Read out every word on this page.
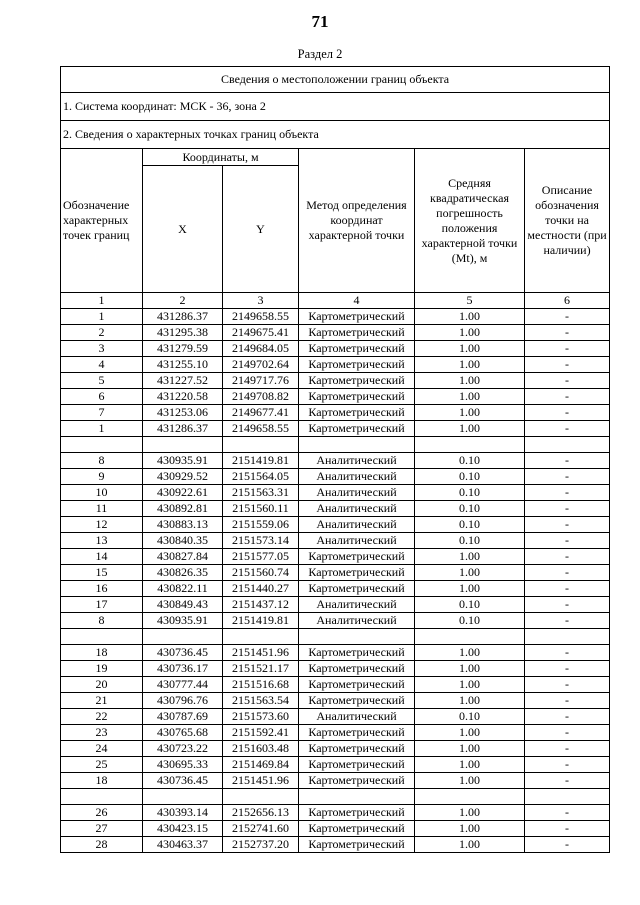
71
Раздел 2
Сведения о местоположении границ объекта					
1. Система координат: МСК - 36, зона 2					
2. Сведения о характерных точках границ объекта					
Обозначение характерных точек границ	Координаты, м		Метод определения координат характерной точки	Средняя квадратическая погрешность положения характерной точки (Mt), м	Описание обозначения точки на местности (при наличии)
	X	Y			
1	2	3	4	5	6
1	431286.37	2149658.55	Картометрический	1.00	-
2	431295.38	2149675.41	Картометрический	1.00	-
3	431279.59	2149684.05	Картометрический	1.00	-
4	431255.10	2149702.64	Картометрический	1.00	-
5	431227.52	2149717.76	Картометрический	1.00	-
6	431220.58	2149708.82	Картометрический	1.00	-
7	431253.06	2149677.41	Картометрический	1.00	-
1	431286.37	2149658.55	Картометрический	1.00	-

8	430935.91	2151419.81	Аналитический	0.10	-
9	430929.52	2151564.05	Аналитический	0.10	-
10	430922.61	2151563.31	Аналитический	0.10	-
11	430892.81	2151560.11	Аналитический	0.10	-
12	430883.13	2151559.06	Аналитический	0.10	-
13	430840.35	2151573.14	Аналитический	0.10	-
14	430827.84	2151577.05	Картометрический	1.00	-
15	430826.35	2151560.74	Картометрический	1.00	-
16	430822.11	2151440.27	Картометрический	1.00	-
17	430849.43	2151437.12	Аналитический	0.10	-
8	430935.91	2151419.81	Аналитический	0.10	-

18	430736.45	2151451.96	Картометрический	1.00	-
19	430736.17	2151521.17	Картометрический	1.00	-
20	430777.44	2151516.68	Картометрический	1.00	-
21	430796.76	2151563.54	Картометрический	1.00	-
22	430787.69	2151573.60	Аналитический	0.10	-
23	430765.68	2151592.41	Картометрический	1.00	-
24	430723.22	2151603.48	Картометрический	1.00	-
25	430695.33	2151469.84	Картометрический	1.00	-
18	430736.45	2151451.96	Картометрический	1.00	-

26	430393.14	2152656.13	Картометрический	1.00	-
27	430423.15	2152741.60	Картометрический	1.00	-
28	430463.37	2152737.20	Картометрический	1.00	-
